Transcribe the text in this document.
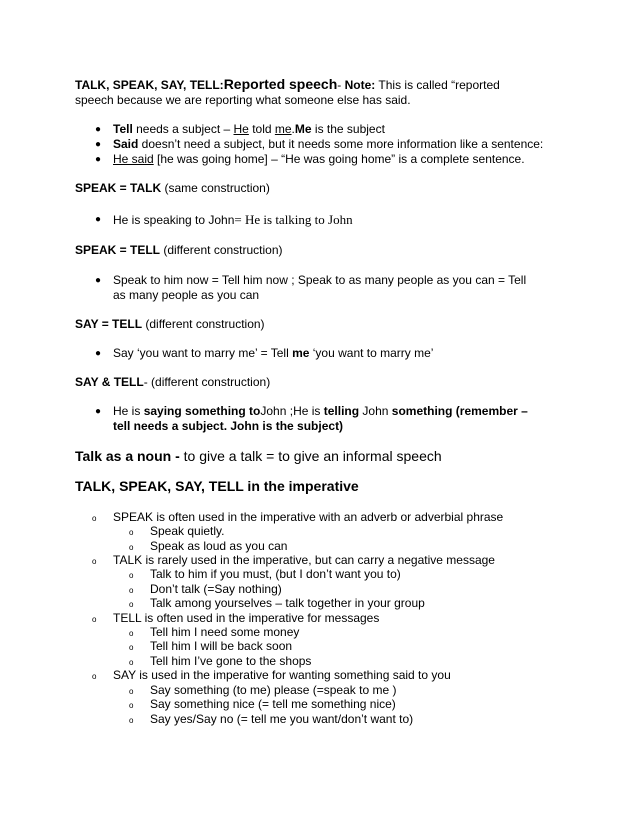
TALK, SPEAK, SAY, TELL:Reported speech- Note: This is called “reported
speech because we are reporting what someone else has said.
● Tell needs a subject – He told me.Me is the subject
● Said doesn’t need a subject, but it needs some more information like a sentence:
● He said [he was going home] – “He was going home” is a complete sentence.
SPEAK = TALK (same construction)
● He is speaking to John= He is talking to John
SPEAK = TELL (different construction)
● Speak to him now = Tell him now ; Speak to as many people as you can = Tell
as many people as you can
SAY = TELL (different construction)
● Say ‘you want to marry me’ = Tell me ‘you want to marry me’
SAY & TELL- (different construction)
● He is saying something toJohn ;He is telling John something (remember –
tell needs a subject. John is the subject)
Talk as a noun - to give a talk = to give an informal speech
TALK, SPEAK, SAY, TELL in the imperative
o SPEAK is often used in the imperative with an adverb or adverbial phrase
o Speak quietly.
o Speak as loud as you can
o TALK is rarely used in the imperative, but can carry a negative message
o Talk to him if you must, (but I don’t want you to)
o Don’t talk (=Say nothing)
o Talk among yourselves – talk together in your group
o TELL is often used in the imperative for messages
o Tell him I need some money
o Tell him I will be back soon
o Tell him I’ve gone to the shops
o SAY is used in the imperative for wanting something said to you
o Say something (to me) please (=speak to me )
o Say something nice (= tell me something nice)
o Say yes/Say no (= tell me you want/don’t want to)
